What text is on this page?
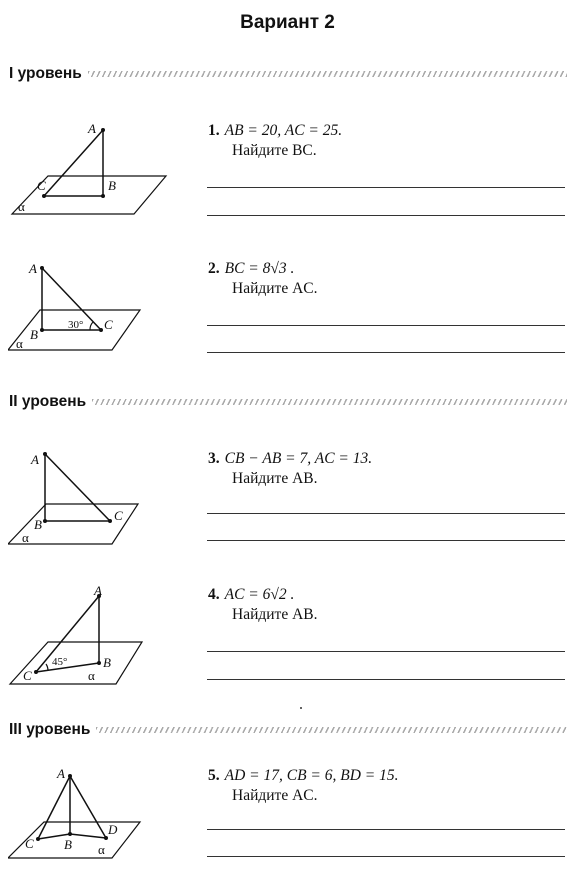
Вариант 2
I уровень
A
B
C
α
1. AB = 20, AC = 25.
Найдите BC.
A
B
C
30°
α
2. BC = 8√3 .
Найдите AC.
II уровень
A
B
C
α
3. CB − AB = 7, AC = 13.
Найдите AB.
A
B
C
45°
α
4. AC = 6√2 .
Найдите AB.
III уровень
A
B
C
D
α
5. AD = 17, CB = 6, BD = 15.
Найдите AC.
